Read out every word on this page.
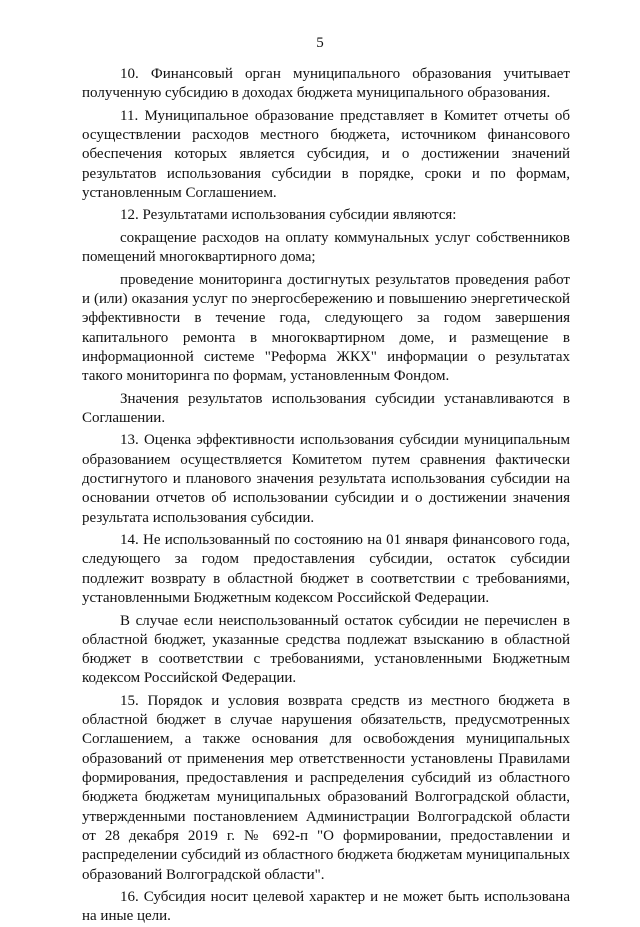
5

10. Финансовый орган муниципального образования учитывает полученную субсидию в доходах бюджета муниципального образования.

11. Муниципальное образование представляет в Комитет отчеты об осуществлении расходов местного бюджета, источником финансового обеспечения которых является субсидия, и о достижении значений результатов использования субсидии в порядке, сроки и по формам, установленным Соглашением.

12. Результатами использования субсидии являются:

сокращение расходов на оплату коммунальных услуг собственников помещений многоквартирного дома;

проведение мониторинга достигнутых результатов проведения работ и (или) оказания услуг по энергосбережению и повышению энергетической эффективности в течение года, следующего за годом завершения капитального ремонта в многоквартирном доме, и размещение в информационной системе "Реформа ЖКХ" информации о результатах такого мониторинга по формам, установленным Фондом.

Значения результатов использования субсидии устанавливаются в Соглашении.

13. Оценка эффективности использования субсидии муниципальным образованием осуществляется Комитетом путем сравнения фактически достигнутого и планового значения результата использования субсидии на основании отчетов об использовании субсидии и о достижении значения результата использования субсидии.

14. Не использованный по состоянию на 01 января финансового года, следующего за годом предоставления субсидии, остаток субсидии подлежит возврату в областной бюджет в соответствии с требованиями, установленными Бюджетным кодексом Российской Федерации.

В случае если неиспользованный остаток субсидии не перечислен в областной бюджет, указанные средства подлежат взысканию в областной бюджет в соответствии с требованиями, установленными Бюджетным кодексом Российской Федерации.

15. Порядок и условия возврата средств из местного бюджета в областной бюджет в случае нарушения обязательств, предусмотренных Соглашением, а также основания для освобождения муниципальных образований от применения мер ответственности установлены Правилами формирования, предоставления и распределения субсидий из областного бюджета бюджетам муниципальных образований Волгоградской области, утвержденными постановлением Администрации Волгоградской области от 28 декабря 2019 г. № 692-п "О формировании, предоставлении и распределении субсидий из областного бюджета бюджетам муниципальных образований Волгоградской области".

16. Субсидия носит целевой характер и не может быть использована на иные цели.
